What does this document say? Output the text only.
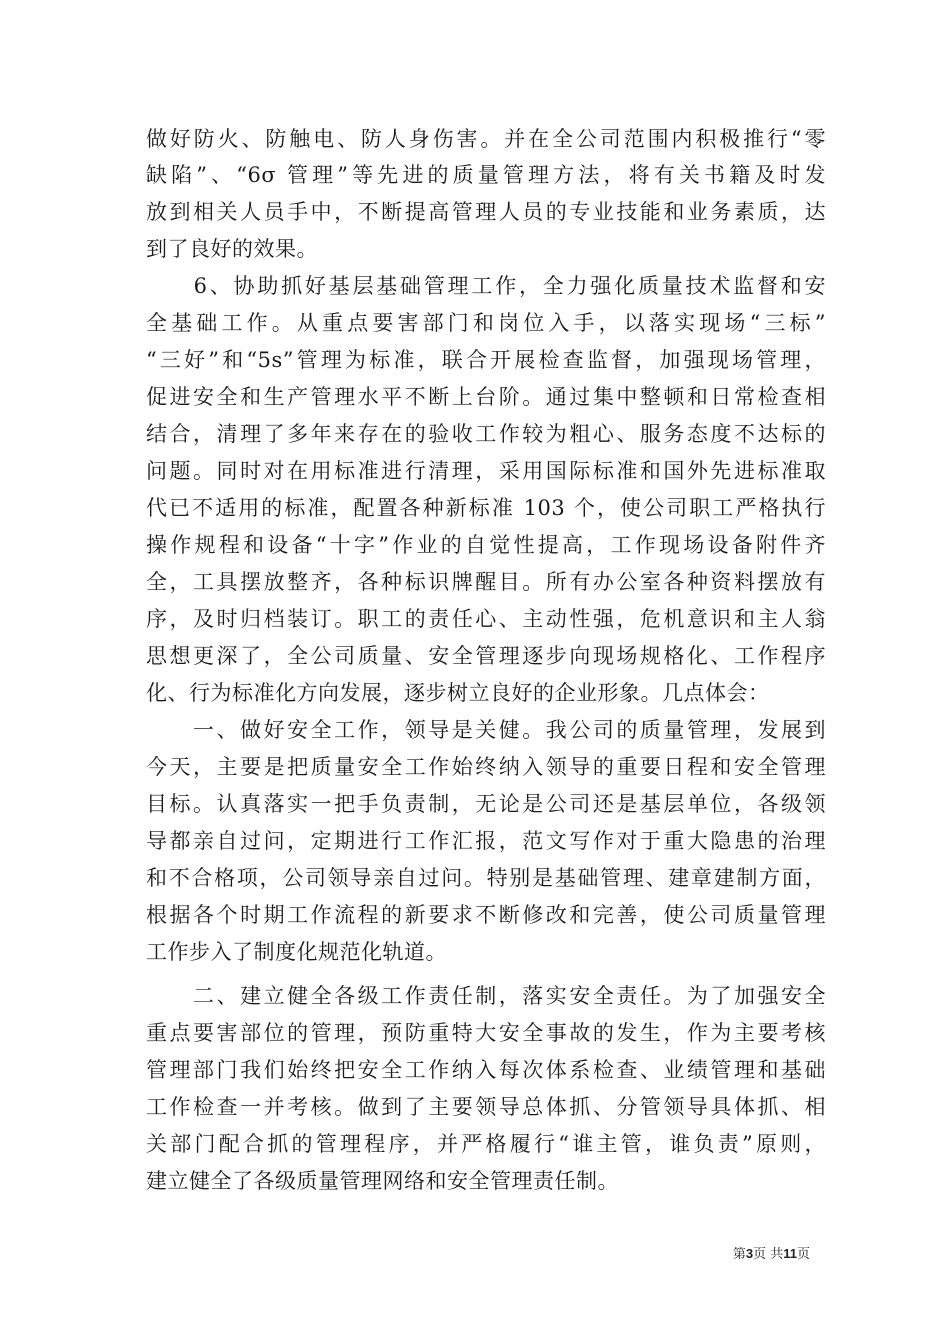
做好防火、防触电、防人身伤害。并在全公司范围内积极推行“零
缺陷”、“6σ 管理”等先进的质量管理方法，将有关书籍及时发
放到相关人员手中，不断提高管理人员的专业技能和业务素质，达
到了良好的效果。
　　6、协助抓好基层基础管理工作，全力强化质量技术监督和安
全基础工作。从重点要害部门和岗位入手，以落实现场“三标”
“三好”和“5s”管理为标准，联合开展检查监督，加强现场管理，
促进安全和生产管理水平不断上台阶。通过集中整顿和日常检查相
结合，清理了多年来存在的验收工作较为粗心、服务态度不达标的
问题。同时对在用标准进行清理，采用国际标准和国外先进标准取
代已不适用的标准，配置各种新标准 103 个，使公司职工严格执行
操作规程和设备“十字”作业的自觉性提高，工作现场设备附件齐
全，工具摆放整齐，各种标识牌醒目。所有办公室各种资料摆放有
序，及时归档装订。职工的责任心、主动性强，危机意识和主人翁
思想更深了，全公司质量、安全管理逐步向现场规格化、工作程序
化、行为标准化方向发展，逐步树立良好的企业形象。几点体会：
　　一、做好安全工作，领导是关健。我公司的质量管理，发展到
今天，主要是把质量安全工作始终纳入领导的重要日程和安全管理
目标。认真落实一把手负责制，无论是公司还是基层单位，各级领
导都亲自过问，定期进行工作汇报，范文写作对于重大隐患的治理
和不合格项，公司领导亲自过问。特别是基础管理、建章建制方面，
根据各个时期工作流程的新要求不断修改和完善，使公司质量管理
工作步入了制度化规范化轨道。
　　二、建立健全各级工作责任制，落实安全责任。为了加强安全
重点要害部位的管理，预防重特大安全事故的发生，作为主要考核
管理部门我们始终把安全工作纳入每次体系检查、业绩管理和基础
工作检查一并考核。做到了主要领导总体抓、分管领导具体抓、相
关部门配合抓的管理程序，并严格履行“谁主管，谁负责”原则，
建立健全了各级质量管理网络和安全管理责任制。
第3页 共11页
